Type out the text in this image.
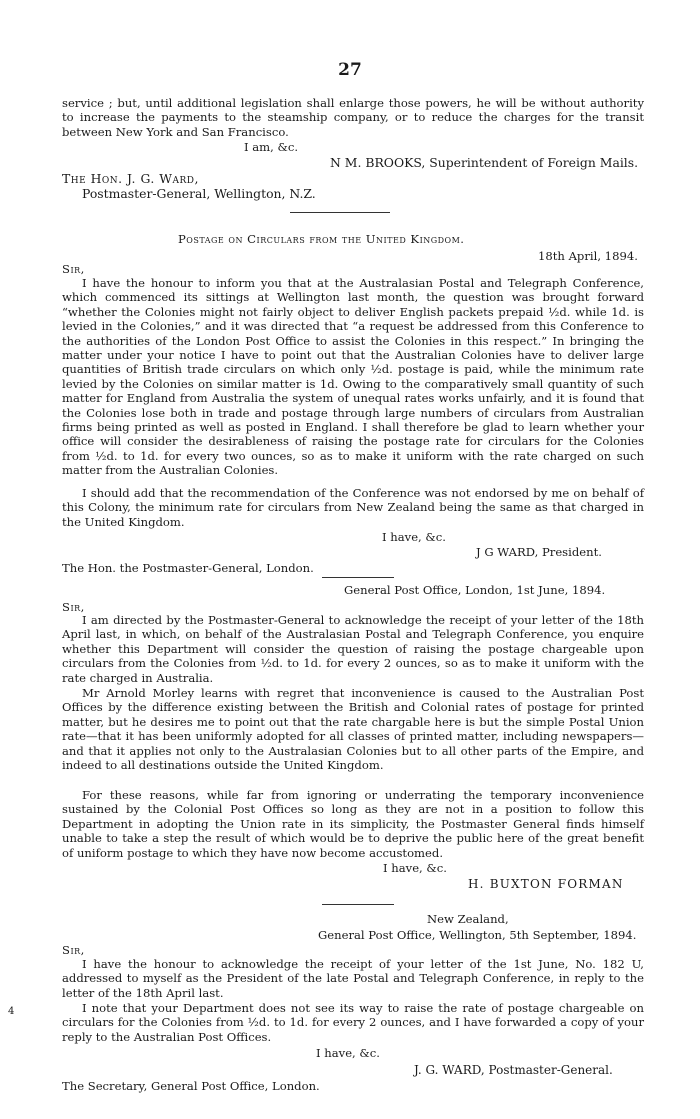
27
service ; but, until additional legislation shall enlarge those powers, he will be without authority to increase the payments to the steamship company, or to reduce the charges for the transit between New York and San Francisco.
I am, &c.
N M. BROOKS, Superintendent of Foreign Mails.
The Hon. J. G. Ward,
Postmaster-General, Wellington, N.Z.
Postage on Circulars from the United Kingdom.
18th April, 1894.
Sir,

I have the honour to inform you that at the Australasian Postal and Telegraph Conference, which commenced its sittings at Wellington last month, the question was brought forward “whether the Colonies might not fairly object to deliver English packets prepaid ½d. while 1d. is levied in the Colonies,” and it was directed that “a request be addressed from this Conference to the authorities of the London Post Office to assist the Colonies in this respect.” In bringing the matter under your notice I have to point out that the Australian Colonies have to deliver large quantities of British trade circulars on which only ½d. postage is paid, while the minimum rate levied by the Colonies on similar matter is 1d. Owing to the comparatively small quantity of such matter for England from Australia the system of unequal rates works unfairly, and it is found that the Colonies lose both in trade and postage through large numbers of circulars from Australian firms being printed as well as posted in England. I shall therefore be glad to learn whether your office will consider the desirableness of raising the postage rate for circulars for the Colonies from ½d. to 1d. for every two ounces, so as to make it uniform with the rate charged on such matter from the Australian Colonies.

I should add that the recommendation of the Conference was not endorsed by me on behalf of this Colony, the minimum rate for circulars from New Zealand being the same as that charged in the United Kingdom.

I have, &c.
J G WARD, President.
The Hon. the Postmaster-General, London.
General Post Office, London, 1st June, 1894.
Sir,

I am directed by the Postmaster-General to acknowledge the receipt of your letter of the 18th April last, in which, on behalf of the Australasian Postal and Telegraph Conference, you enquire whether this Department will consider the question of raising the postage chargeable upon circulars from the Colonies from ½d. to 1d. for every 2 ounces, so as to make it uniform with the rate charged in Australia.

Mr Arnold Morley learns with regret that inconvenience is caused to the Australian Post Offices by the difference existing between the British and Colonial rates of postage for printed matter, but he desires me to point out that the rate chargable here is but the simple Postal Union rate—that it has been uniformly adopted for all classes of printed matter, including newspapers—and that it applies not only to the Australasian Colonies but to all other parts of the Empire, and indeed to all destinations outside the United Kingdom.

For these reasons, while far from ignoring or underrating the temporary inconvenience sustained by the Colonial Post Offices so long as they are not in a position to follow this Department in adopting the Union rate in its simplicity, the Postmaster General finds himself unable to take a step the result of which would be to deprive the public here of the great benefit of uniform postage to which they have now become accustomed.

I have, &c.
H. BUXTON FORMAN
New Zealand,
General Post Office, Wellington, 5th September, 1894.
Sir,

I have the honour to acknowledge the receipt of your letter of the 1st June, No. 182 U, addressed to myself as the President of the late Postal and Telegraph Conference, in reply to the letter of the 18th April last.

I note that your Department does not see its way to raise the rate of postage chargeable on circulars for the Colonies from ½d. to 1d. for every 2 ounces, and I have forwarded a copy of your reply to the Australian Post Offices.

I have, &c.
J. G. WARD, Postmaster-General.
The Secretary, General Post Office, London.
4
